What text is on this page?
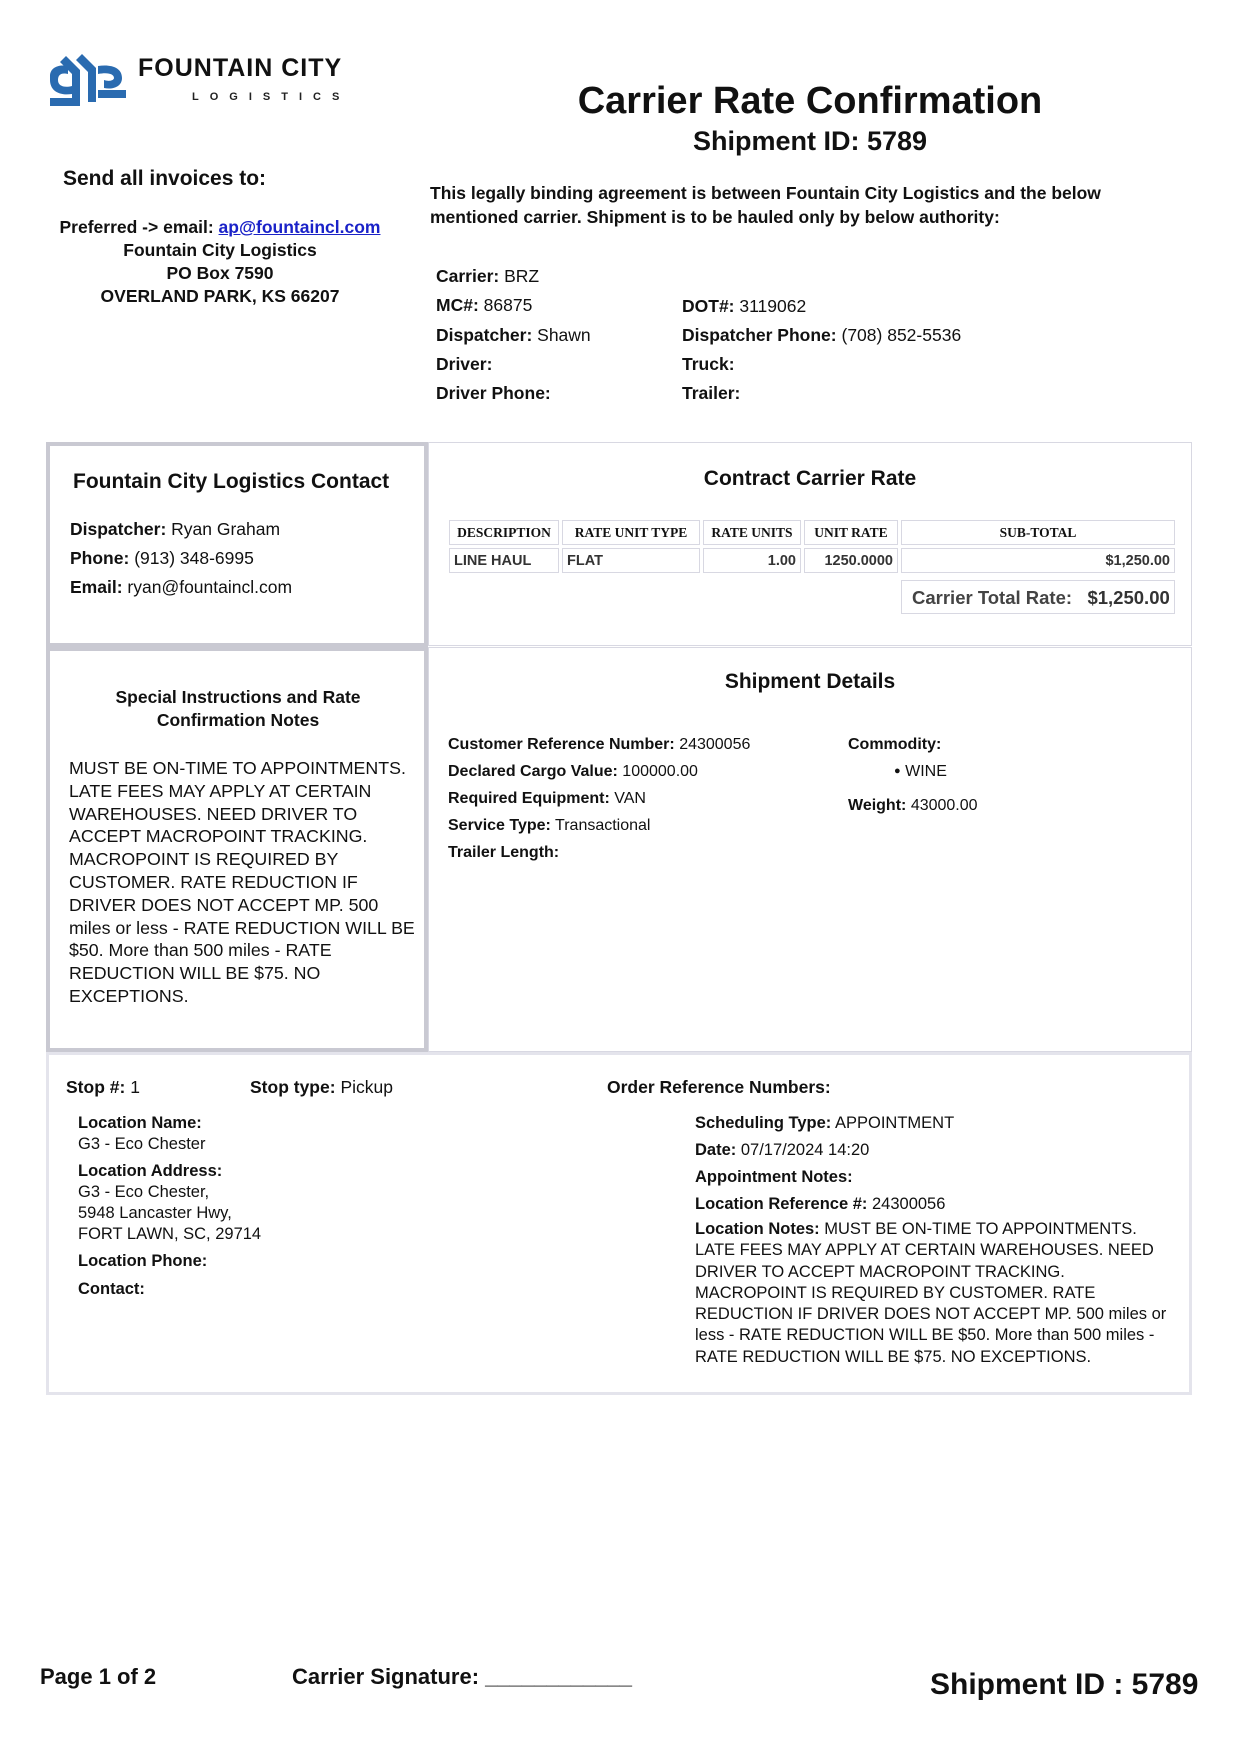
FOUNTAIN CITY
LOGISTICS	Carrier Rate Confirmation
Shipment ID: 5789
Send all invoices to:
Preferred -> email: ap@fountaincl.com
Fountain City Logistics
PO Box 7590
OVERLAND PARK, KS 66207
This legally binding agreement is between Fountain City Logistics and the below mentioned carrier. Shipment is to be hauled only by below authority:
Carrier: BRZ
MC#: 86875	DOT#: 3119062
Dispatcher: Shawn	Dispatcher Phone: (708) 852-5536
Driver:	Truck:
Driver Phone:	Trailer:
Fountain City Logistics Contact
Dispatcher: Ryan Graham
Phone: (913) 348-6995
Email: ryan@fountaincl.com
Contract Carrier Rate
DESCRIPTION	RATE UNIT TYPE	RATE UNITS	UNIT RATE	SUB-TOTAL
LINE HAUL	FLAT	1.00	1250.0000	$1,250.00
Carrier Total Rate: $1,250.00
Special Instructions and Rate Confirmation Notes
MUST BE ON-TIME TO APPOINTMENTS. LATE FEES MAY APPLY AT CERTAIN WAREHOUSES. NEED DRIVER TO ACCEPT MACROPOINT TRACKING. MACROPOINT IS REQUIRED BY CUSTOMER. RATE REDUCTION IF DRIVER DOES NOT ACCEPT MP. 500 miles or less - RATE REDUCTION WILL BE $50. More than 500 miles - RATE REDUCTION WILL BE $75. NO EXCEPTIONS.
Shipment Details
Customer Reference Number: 24300056
Declared Cargo Value: 100000.00
Required Equipment: VAN
Service Type: Transactional
Trailer Length:
Commodity:
● WINE
Weight: 43000.00
Stop #: 1	Stop type: Pickup	Order Reference Numbers:
Location Name:
G3 - Eco Chester
Location Address:
G3 - Eco Chester,
5948 Lancaster Hwy,
FORT LAWN, SC, 29714
Location Phone:
Contact:
Scheduling Type: APPOINTMENT
Date: 07/17/2024 14:20
Appointment Notes:
Location Reference #: 24300056
Location Notes: MUST BE ON-TIME TO APPOINTMENTS. LATE FEES MAY APPLY AT CERTAIN WAREHOUSES. NEED DRIVER TO ACCEPT MACROPOINT TRACKING. MACROPOINT IS REQUIRED BY CUSTOMER. RATE REDUCTION IF DRIVER DOES NOT ACCEPT MP. 500 miles or less - RATE REDUCTION WILL BE $50. More than 500 miles - RATE REDUCTION WILL BE $75. NO EXCEPTIONS.
Page 1 of 2	Carrier Signature: ____________	Shipment ID : 5789
